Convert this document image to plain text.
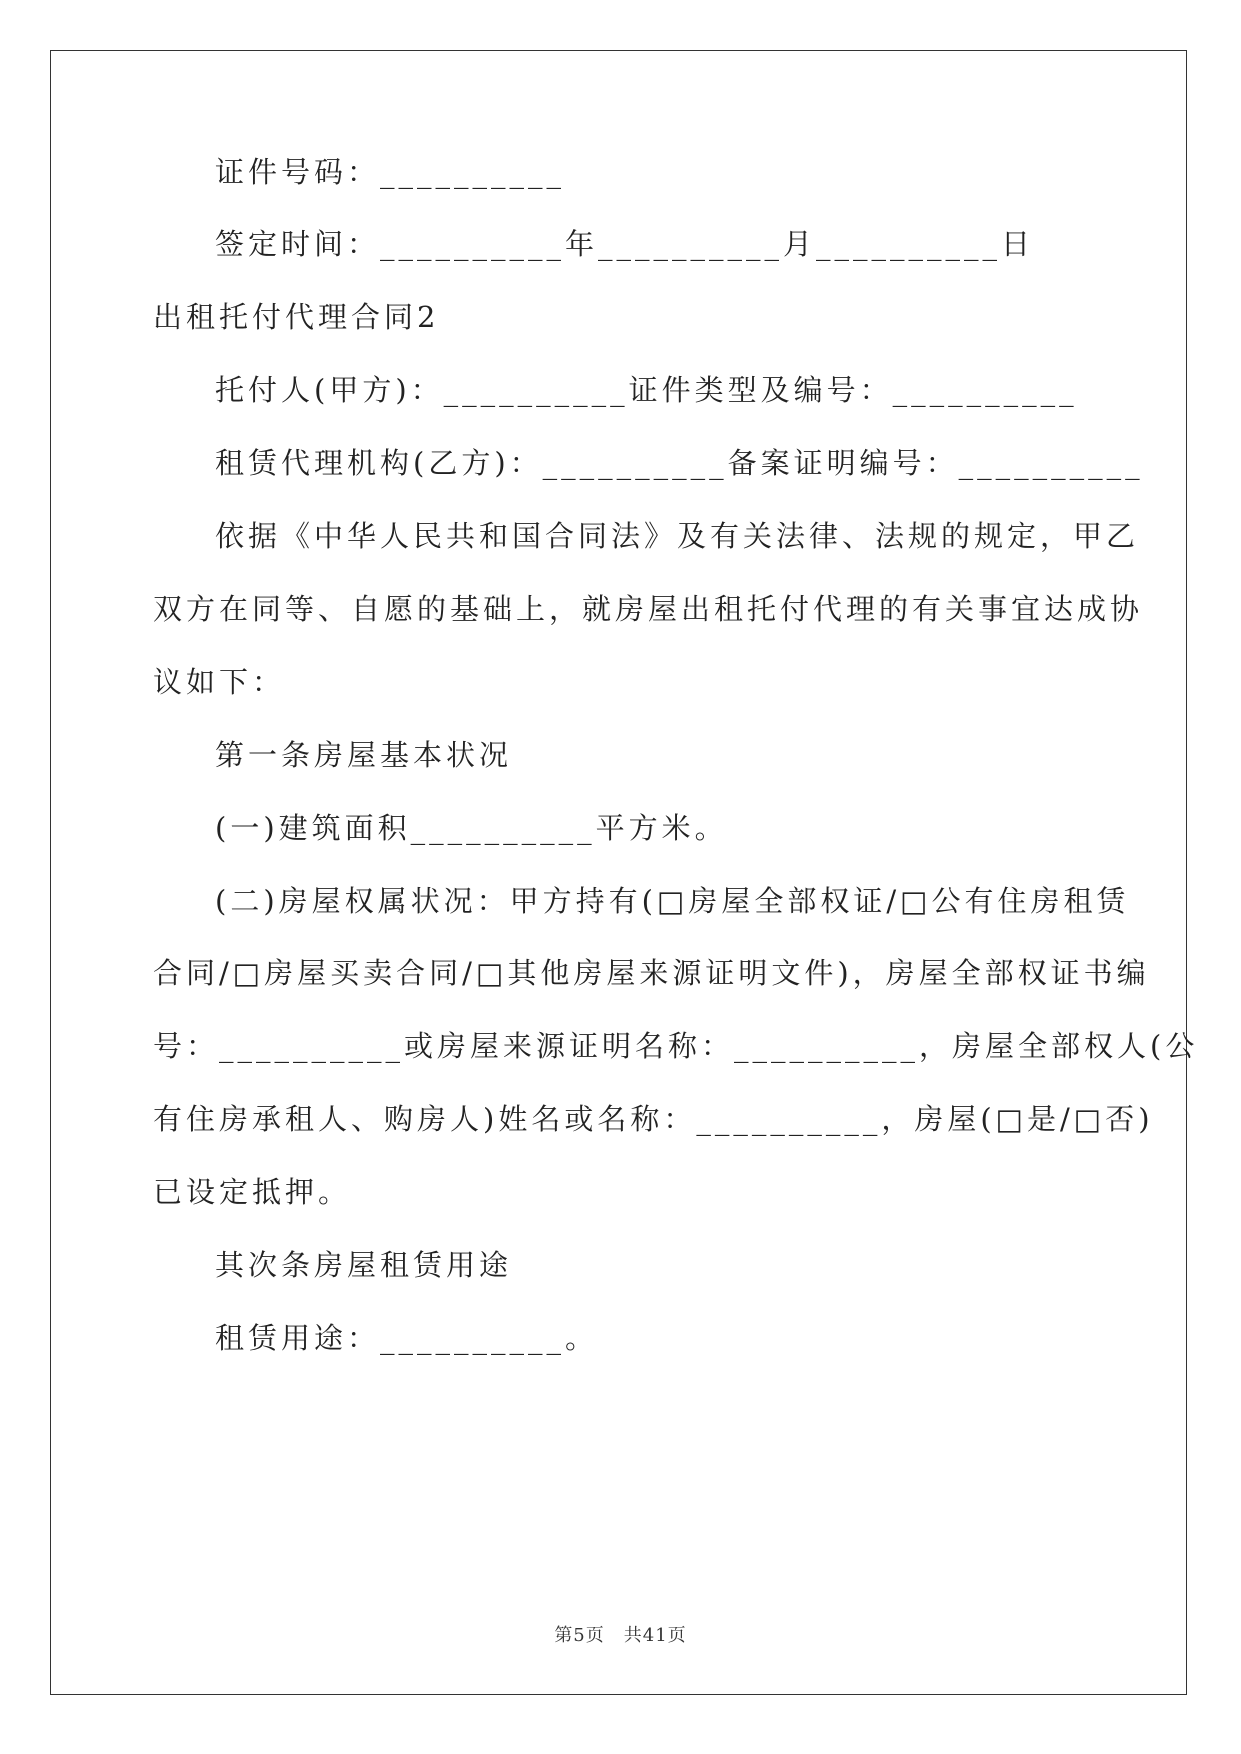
证件号码：__________
签定时间：__________年__________月__________日
出租托付代理合同2
托付人(甲方)：__________证件类型及编号：__________
租赁代理机构(乙方)：__________备案证明编号：__________
依据《中华人民共和国合同法》及有关法律、法规的规定，甲乙
双方在同等、自愿的基础上，就房屋出租托付代理的有关事宜达成协
议如下：
第一条房屋基本状况
(一)建筑面积__________平方米。
(二)房屋权属状况：甲方持有(□房屋全部权证/□公有住房租赁
合同/□房屋买卖合同/□其他房屋来源证明文件)，房屋全部权证书编
号：__________或房屋来源证明名称：__________，房屋全部权人(公
有住房承租人、购房人)姓名或名称：__________，房屋(□是/□否)
已设定抵押。
其次条房屋租赁用途
租赁用途：__________。
第5页　共41页
